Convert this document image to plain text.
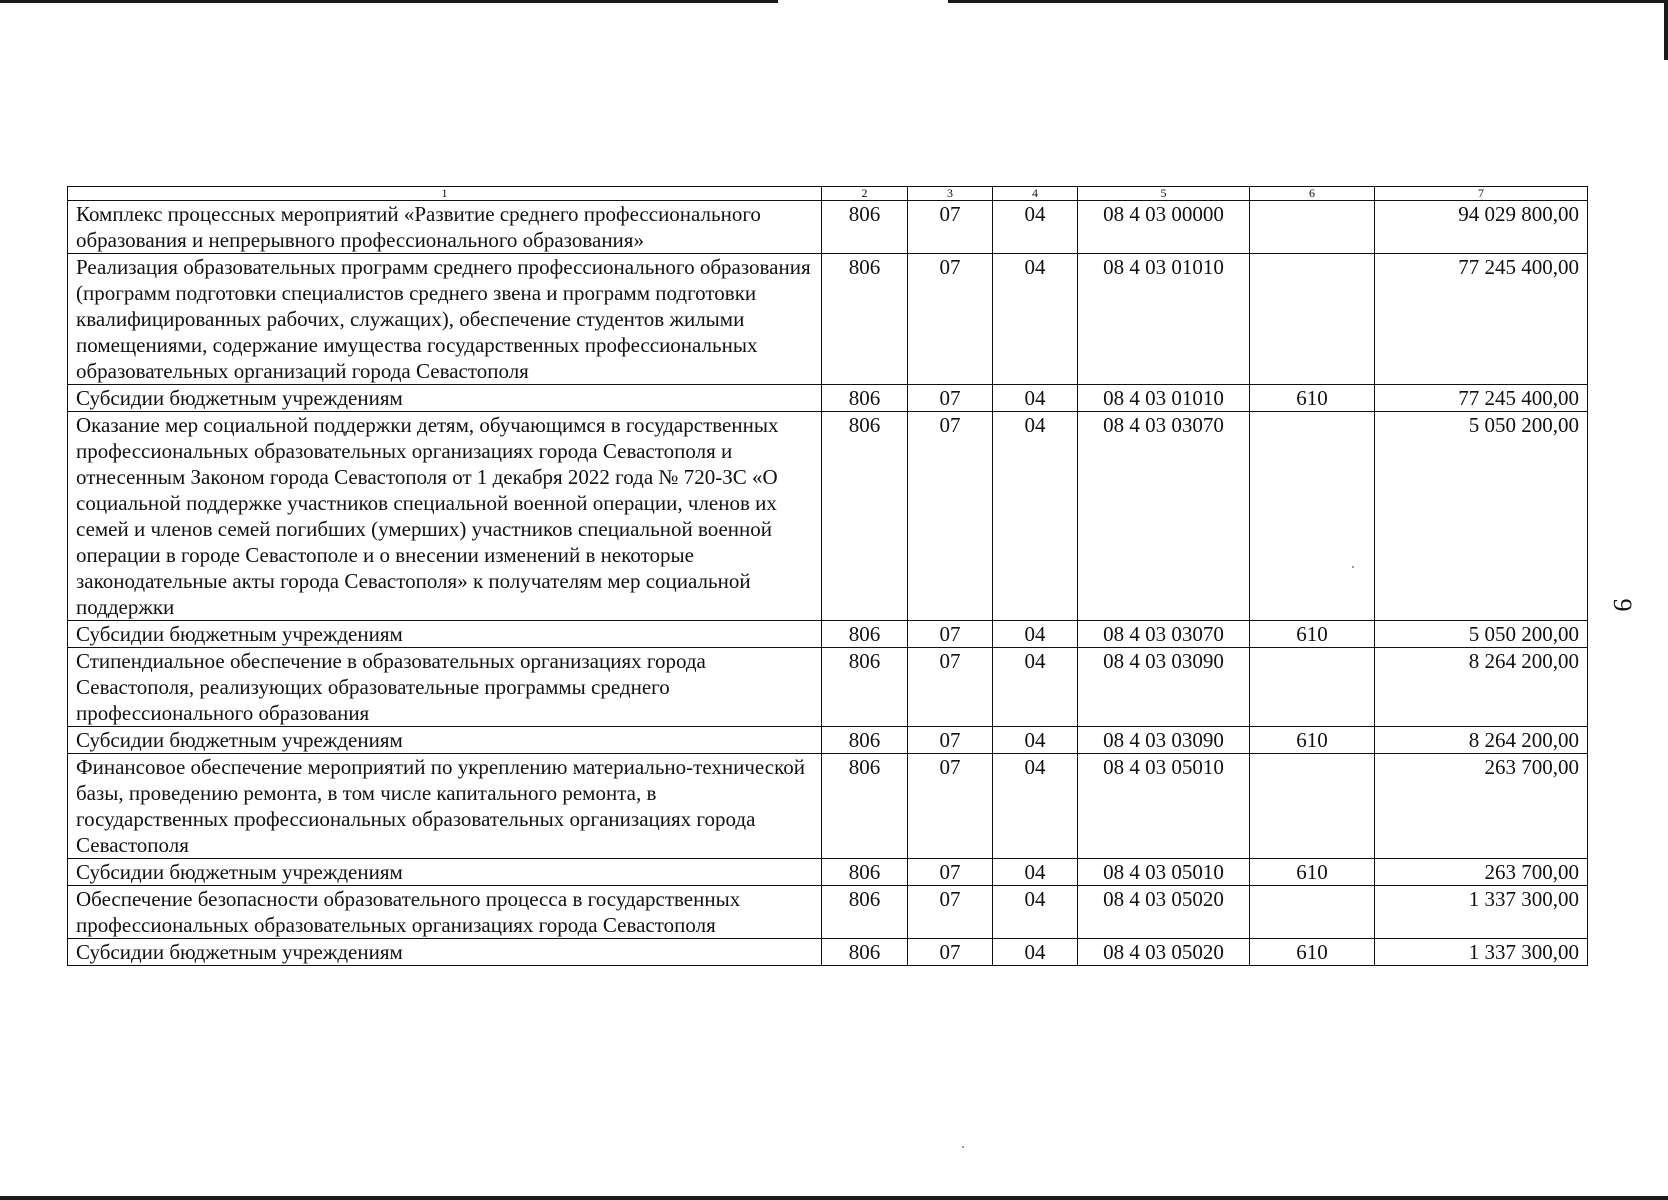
9
1	2	3	4	5	6	7
Комплекс процессных мероприятий «Развитие среднего профессионального образования и непрерывного профессионального образования»	806	07	04	08 4 03 00000		94 029 800,00
Реализация образовательных программ среднего профессионального образования (программ подготовки специалистов среднего звена и программ подготовки квалифицированных рабочих, служащих), обеспечение студентов жилыми помещениями, содержание имущества государственных профессиональных образовательных организаций города Севастополя	806	07	04	08 4 03 01010		77 245 400,00
Субсидии бюджетным учреждениям	806	07	04	08 4 03 01010	610	77 245 400,00
Оказание мер социальной поддержки детям, обучающимся в государственных профессиональных образовательных организациях города Севастополя и отнесенным Законом города Севастополя от 1 декабря 2022 года № 720-ЗС «О социальной поддержке участников специальной военной операции, членов их семей и членов семей погибших (умерших) участников специальной военной операции в городе Севастополе и о внесении изменений в некоторые законодательные акты города Севастополя» к получателям мер социальной поддержки	806	07	04	08 4 03 03070		5 050 200,00
Субсидии бюджетным учреждениям	806	07	04	08 4 03 03070	610	5 050 200,00
Стипендиальное обеспечение в образовательных организациях города Севастополя, реализующих образовательные программы среднего профессионального образования	806	07	04	08 4 03 03090		8 264 200,00
Субсидии бюджетным учреждениям	806	07	04	08 4 03 03090	610	8 264 200,00
Финансовое обеспечение мероприятий по укреплению материально-технической базы, проведению ремонта, в том числе капитального ремонта, в государственных профессиональных образовательных организациях города Севастополя	806	07	04	08 4 03 05010		263 700,00
Субсидии бюджетным учреждениям	806	07	04	08 4 03 05010	610	263 700,00
Обеспечение безопасности образовательного процесса в государственных профессиональных образовательных организациях города Севастополя	806	07	04	08 4 03 05020		1 337 300,00
Субсидии бюджетным учреждениям	806	07	04	08 4 03 05020	610	1 337 300,00
